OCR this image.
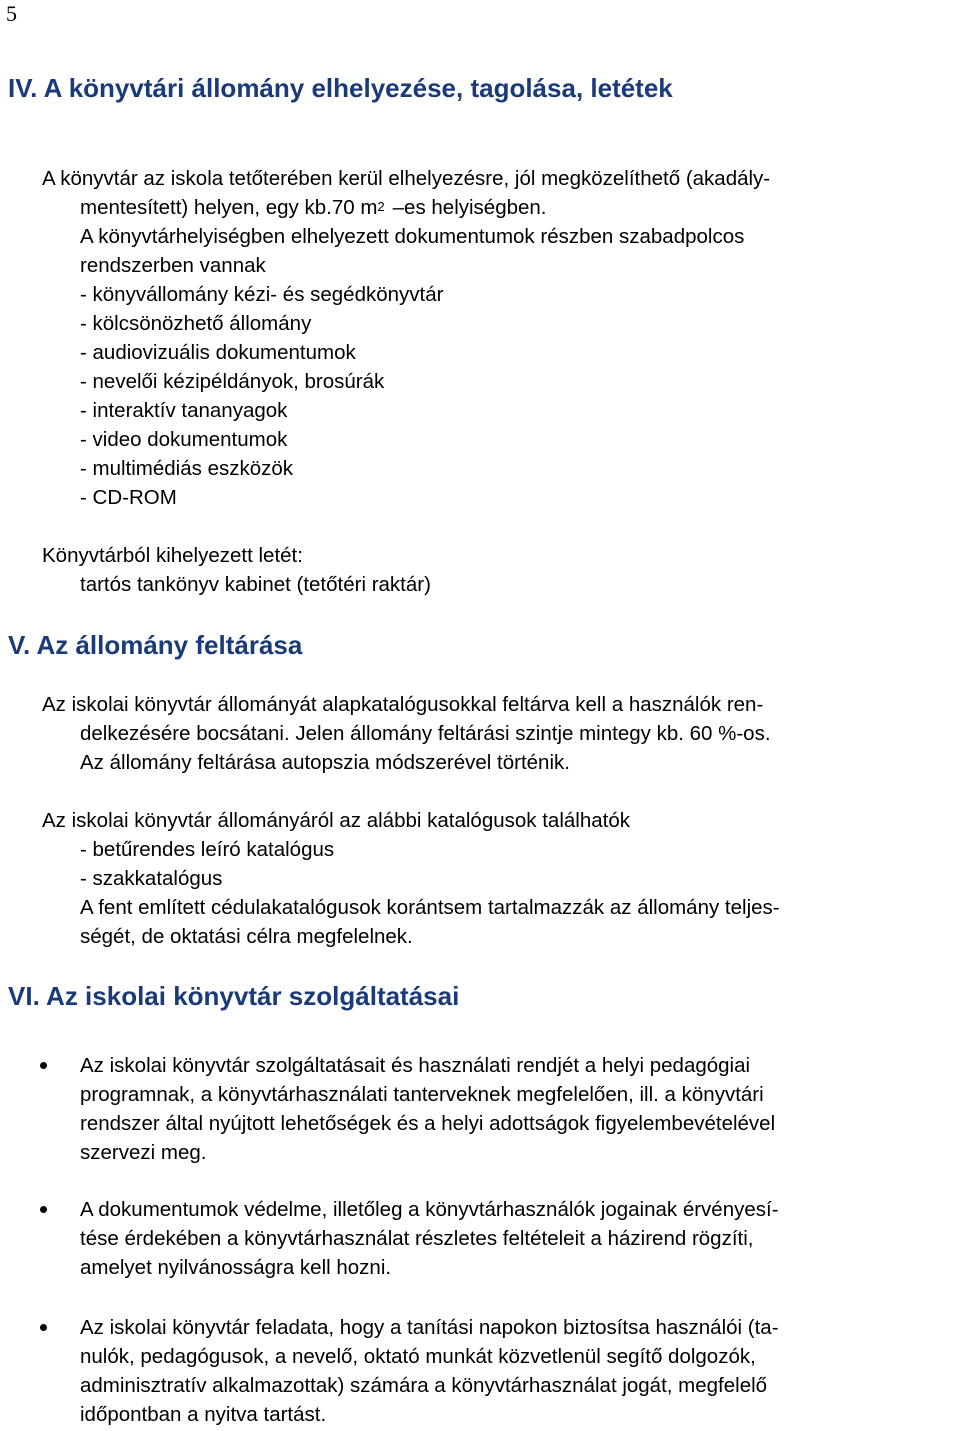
5
IV. A könyvtári állomány elhelyezése, tagolása, letétek
A könyvtár az iskola tetőterében kerül elhelyezésre, jól megközelíthető (akadály-
mentesített) helyen, egy kb.70 $m^2$ –es helyiségben.
A könyvtárhelyiségben elhelyezett dokumentumok részben szabadpolcos
rendszerben vannak
- könyvállomány kézi- és segédkönyvtár
- kölcsönözhető állomány
- audiovizuális dokumentumok
- nevelői kézipéldányok, brosúrák
- interaktív tananyagok
- video dokumentumok
- multimédiás eszközök
- CD-ROM
Könyvtárból kihelyezett letét:
tartós tankönyv kabinet (tetőtéri raktár)
V. Az állomány feltárása
Az iskolai könyvtár állományát alapkatalógusokkal feltárva kell a használók ren-
delkezésére bocsátani. Jelen állomány feltárási szintje mintegy kb. 60 %-os.
Az állomány feltárása autopszia módszerével történik.
Az iskolai könyvtár állományáról az alábbi katalógusok találhatók
- betűrendes leíró katalógus
- szakkatalógus
A fent említett cédulakatalógusok korántsem tartalmazzák az állomány teljes-
ségét, de oktatási célra megfelelnek.
VI. Az iskolai könyvtár szolgáltatásai
Az iskolai könyvtár szolgáltatásait és használati rendjét a helyi pedagógiai
programnak, a könyvtárhasználati tanterveknek megfelelően, ill. a könyvtári
rendszer által nyújtott lehetőségek és a helyi adottságok figyelembevételével
szervezi meg.
A dokumentumok védelme, illetőleg a könyvtárhasználók jogainak érvényesí-
tése érdekében a könyvtárhasználat részletes feltételeit a házirend rögzíti,
amelyet nyilvánosságra kell hozni.
Az iskolai könyvtár feladata, hogy a tanítási napokon biztosítsa használói (ta-
nulók, pedagógusok, a nevelő, oktató munkát közvetlenül segítő dolgozók,
adminisztratív alkalmazottak) számára a könyvtárhasználat jogát, megfelelő
időpontban a nyitva tartást.
